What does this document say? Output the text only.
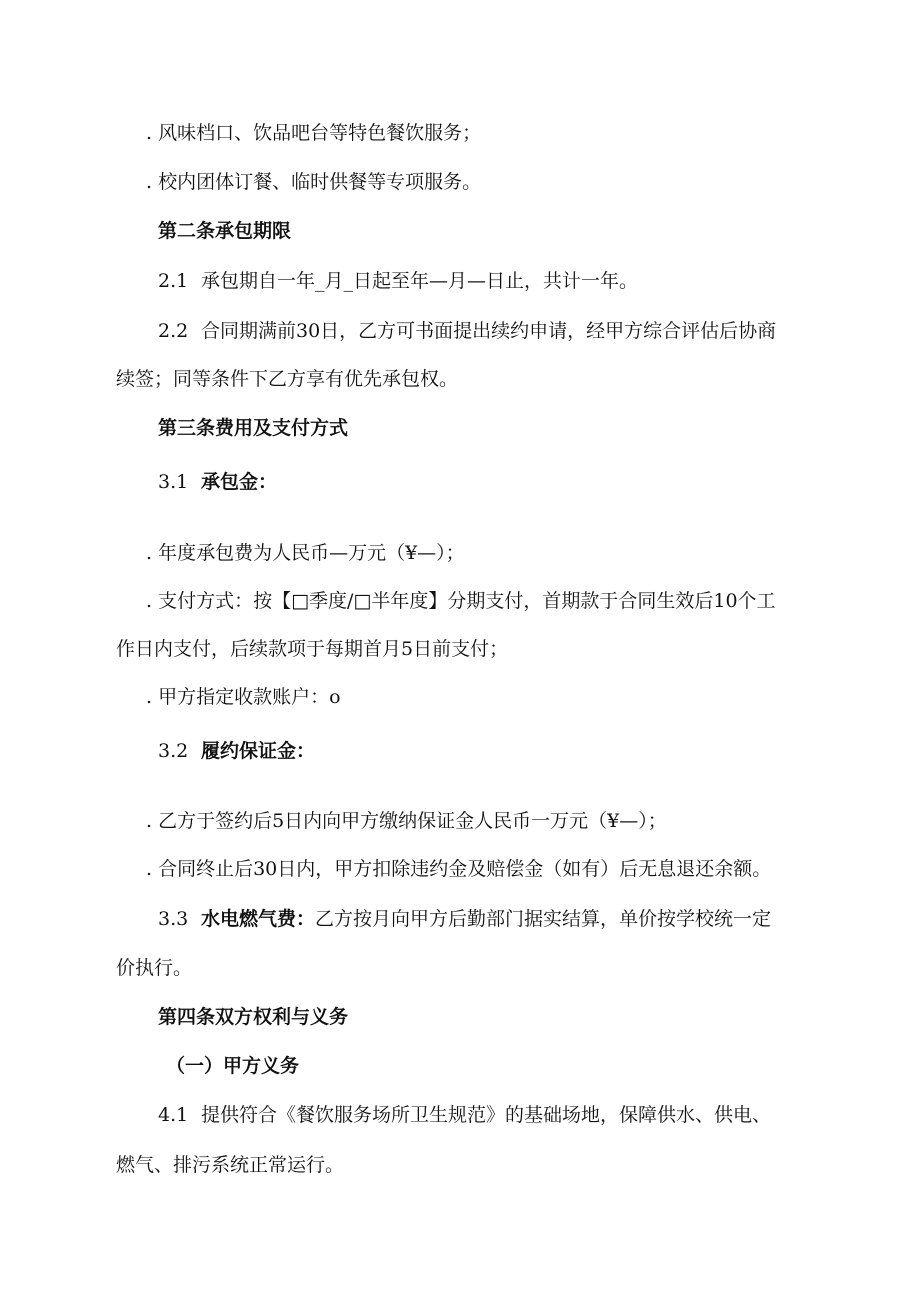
. 风味档口、饮品吧台等特色餐饮服务；
. 校内团体订餐、临时供餐等专项服务。
第二条承包期限
2.1 承包期自一年_月_日起至年—月—日止，共计一年。
2.2 合同期满前30日，乙方可书面提出续约申请，经甲方综合评估后协商
续签；同等条件下乙方享有优先承包权。
第三条费用及支付方式
3.1 承包金：
. 年度承包费为人民币—万元（¥—）；
. 支付方式：按【□季度/□半年度】分期支付，首期款于合同生效后10个工
作日内支付，后续款项于每期首月5日前支付；
. 甲方指定收款账户：o
3.2 履约保证金：
. 乙方于签约后5日内向甲方缴纳保证金人民币一万元（¥—）；
. 合同终止后30日内，甲方扣除违约金及赔偿金（如有）后无息退还余额。
3.3 水电燃气费：乙方按月向甲方后勤部门据实结算，单价按学校统一定
价执行。
第四条双方权利与义务
（一）甲方义务
4.1 提供符合《餐饮服务场所卫生规范》的基础场地，保障供水、供电、
燃气、排污系统正常运行。
